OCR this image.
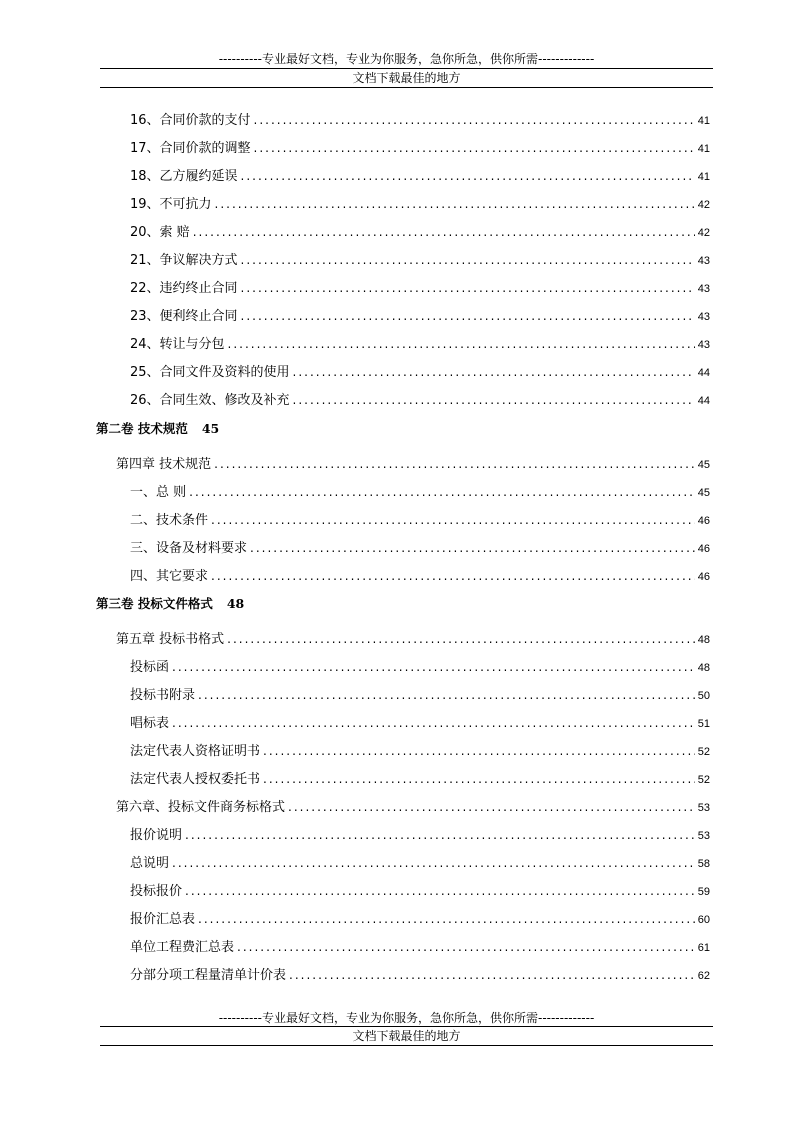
----------专业最好文档，专业为你服务，急你所急，供你所需-------------
文档下载最佳的地方
16、合同价款的支付 .....	41
17、合同价款的调整 .....	41
18、乙方履约延误 .....	41
19、不可抗力 .....	42
20、索 赔 .....	42
21、争议解决方式 .....	43
22、违约终止合同 .....	43
23、便利终止合同 .....	43
24、转让与分包 .....	43
25、合同文件及资料的使用 .....	44
26、合同生效、修改及补充 .....	44
第二卷 技术规范 45
第四章 技术规范 .....	45
一、总 则 .....	45
二、技术条件 .....	46
三、设备及材料要求 .....	46
四、其它要求 .....	46
第三卷 投标文件格式 48
第五章 投标书格式 .....	48
投标函 .....	48
投标书附录 .....	50
唱标表 .....	51
法定代表人资格证明书 .....	52
法定代表人授权委托书 .....	52
第六章、投标文件商务标格式 .....	53
报价说明 .....	53
总说明 .....	58
投标报价 .....	59
报价汇总表 .....	60
单位工程费汇总表 .....	61
分部分项工程量清单计价表 .....	62
----------专业最好文档，专业为你服务，急你所急，供你所需-------------
文档下载最佳的地方
